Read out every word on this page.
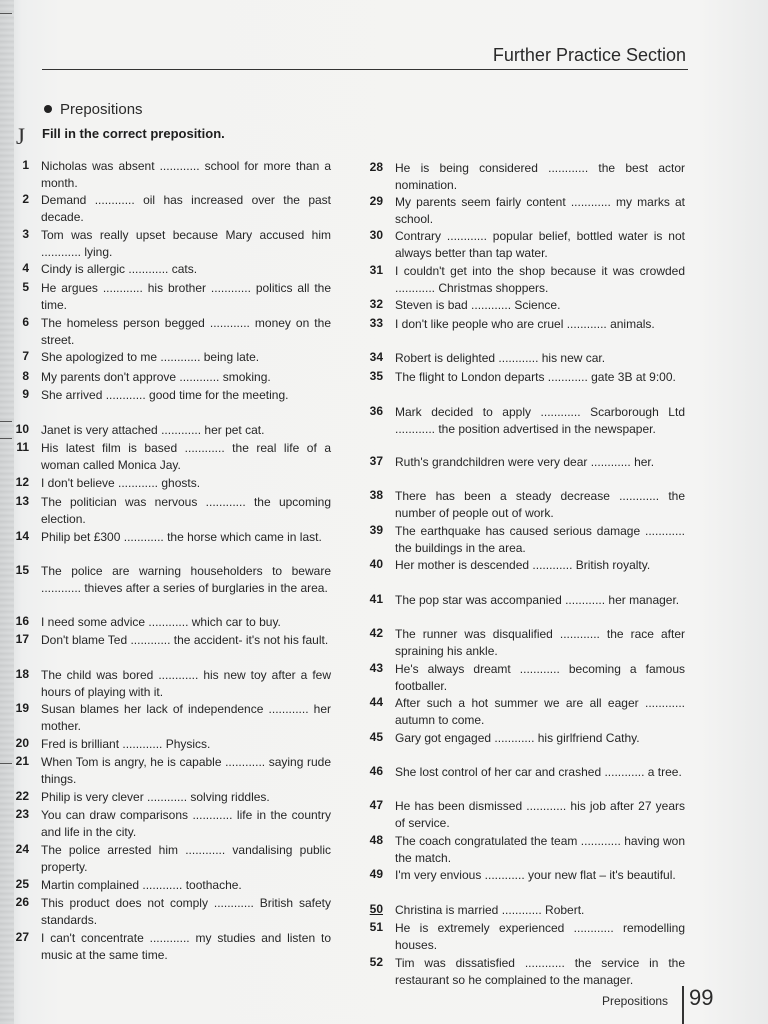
Further Practice Section
Prepositions
J Fill in the correct preposition.
1 Nicholas was absent ............ school for more than a month.
2 Demand ............ oil has increased over the past decade.
3 Tom was really upset because Mary accused him ............ lying.
4 Cindy is allergic ............ cats.
5 He argues ............ his brother ............ politics all the time.
6 The homeless person begged ............ money on the street.
7 She apologized to me ............ being late.
8 My parents don't approve ............ smoking.
9 She arrived ............ good time for the meeting.
10 Janet is very attached ............ her pet cat.
11 His latest film is based ............ the real life of a woman called Monica Jay.
12 I don't believe ............ ghosts.
13 The politician was nervous ............ the upcoming election.
14 Philip bet £300 ............ the horse which came in last.
15 The police are warning householders to beware ............ thieves after a series of burglaries in the area.
16 I need some advice ............ which car to buy.
17 Don't blame Ted ............ the accident- it's not his fault.
18 The child was bored ............ his new toy after a few hours of playing with it.
19 Susan blames her lack of independence ............ her mother.
20 Fred is brilliant ............ Physics.
21 When Tom is angry, he is capable ............ saying rude things.
22 Philip is very clever ............ solving riddles.
23 You can draw comparisons ............ life in the country and life in the city.
24 The police arrested him ............ vandalising public property.
25 Martin complained ............ toothache.
26 This product does not comply ............ British safety standards.
27 I can't concentrate ............ my studies and listen to music at the same time.
28 He is being considered ............ the best actor nomination.
29 My parents seem fairly content ............ my marks at school.
30 Contrary ............ popular belief, bottled water is not always better than tap water.
31 I couldn't get into the shop because it was crowded ............ Christmas shoppers.
32 Steven is bad ............ Science.
33 I don't like people who are cruel ............ animals.
34 Robert is delighted ............ his new car.
35 The flight to London departs ............ gate 3B at 9:00.
36 Mark decided to apply ............ Scarborough Ltd ............ the position advertised in the newspaper.
37 Ruth's grandchildren were very dear ............ her.
38 There has been a steady decrease ............ the number of people out of work.
39 The earthquake has caused serious damage ............ the buildings in the area.
40 Her mother is descended ............ British royalty.
41 The pop star was accompanied ............ her manager.
42 The runner was disqualified ............ the race after spraining his ankle.
43 He's always dreamt ............ becoming a famous footballer.
44 After such a hot summer we are all eager ............ autumn to come.
45 Gary got engaged ............ his girlfriend Cathy.
46 She lost control of her car and crashed ............ a tree.
47 He has been dismissed ............ his job after 27 years of service.
48 The coach congratulated the team ............ having won the match.
49 I'm very envious ............ your new flat – it's beautiful.
50 Christina is married ............ Robert.
51 He is extremely experienced ............ remodelling houses.
52 Tim was dissatisfied ............ the service in the restaurant so he complained to the manager.
Prepositions 99
